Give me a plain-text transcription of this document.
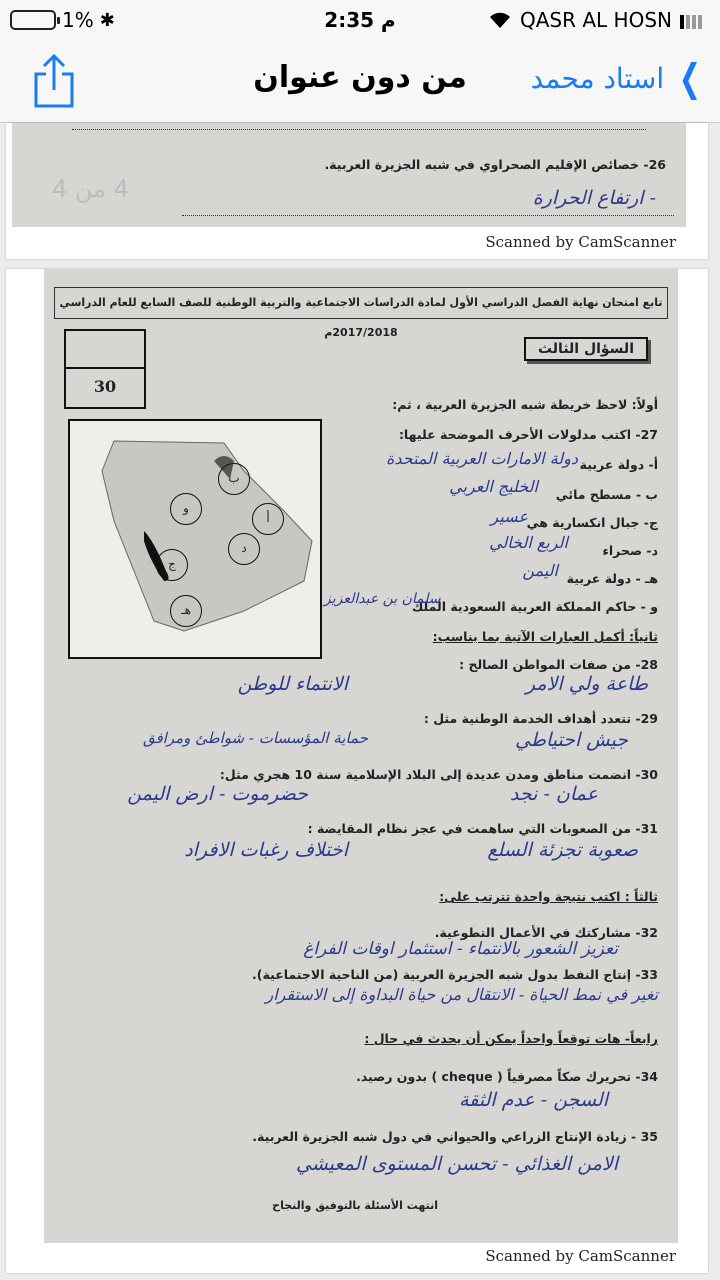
1% ✱	2:35 م	QASR AL HOSN
من دون عنوان	❯
استاد محمد
26- خصائص الإقليم الصحراوي في شبه الجزيرة العربية.
4 من 4	- ارتفاع الحرارة
Scanned by CamScanner
تابع امتحان نهاية الفصل الدراسي الأول لمادة الدراسات الاجتماعية والتربية الوطنية للصف السابع للعام الدراسي 2017/2018م
30
السؤال الثالث
أولاً: لاحظ خريطة شبه الجزيرة العربية ، ثم:
27- اكتب مدلولات الأحرف الموضحة عليها:
ب
أ
و
د
ج
هـ
أ- دولة عربية
دولة الامارات العربية المتحدة
ب - مسطح مائي
الخليج العربي
ج- جبال انكسارية هي
عسير
د- صحراء
الربع الخالي
هـ - دولة عربية
اليمن
و - حاكم المملكة العربية السعودية الملك
سلمان بن عبدالعزيز
ثانياً: أكمل العبارات الآتية بما يناسب:
28- من صفات المواطن الصالح :
طاعة ولي الامر
الانتماء للوطن
29- تتعدد أهداف الخدمة الوطنية مثل :
جيش احتياطي
حماية المؤسسات - شواطئ ومرافق
30- انضمت مناطق ومدن عديدة إلى البلاد الإسلامية سنة 10 هجري مثل:
عمان - نجد
حضرموت - ارض اليمن
31- من الصعوبات التي ساهمت في عجز نظام المقايضة :
صعوبة تجزئة السلع
اختلاف رغبات الافراد
ثالثاً : اكتب نتيجة واحدة تترتب على:
32- مشاركتك في الأعمال التطوعية.
تعزيز الشعور بالانتماء - استثمار اوقات الفراغ
33- إنتاج النفط بدول شبه الجزيرة العربية (من الناحية الاجتماعية).
تغير في نمط الحياة - الانتقال من حياة البداوة إلى الاستقرار
رابعاً- هات توقعاً واحداً يمكن أن يحدث في حال :
34- تحريرك صكاً مصرفياً ( cheque ) بدون رصيد.
السجن - عدم الثقة
35 - زيادة الإنتاج الزراعي والحيواني في دول شبه الجزيرة العربية.
الامن الغذائي - تحسن المستوى المعيشي
انتهت الأسئلة بالتوفيق والنجاح
Scanned by CamScanner
